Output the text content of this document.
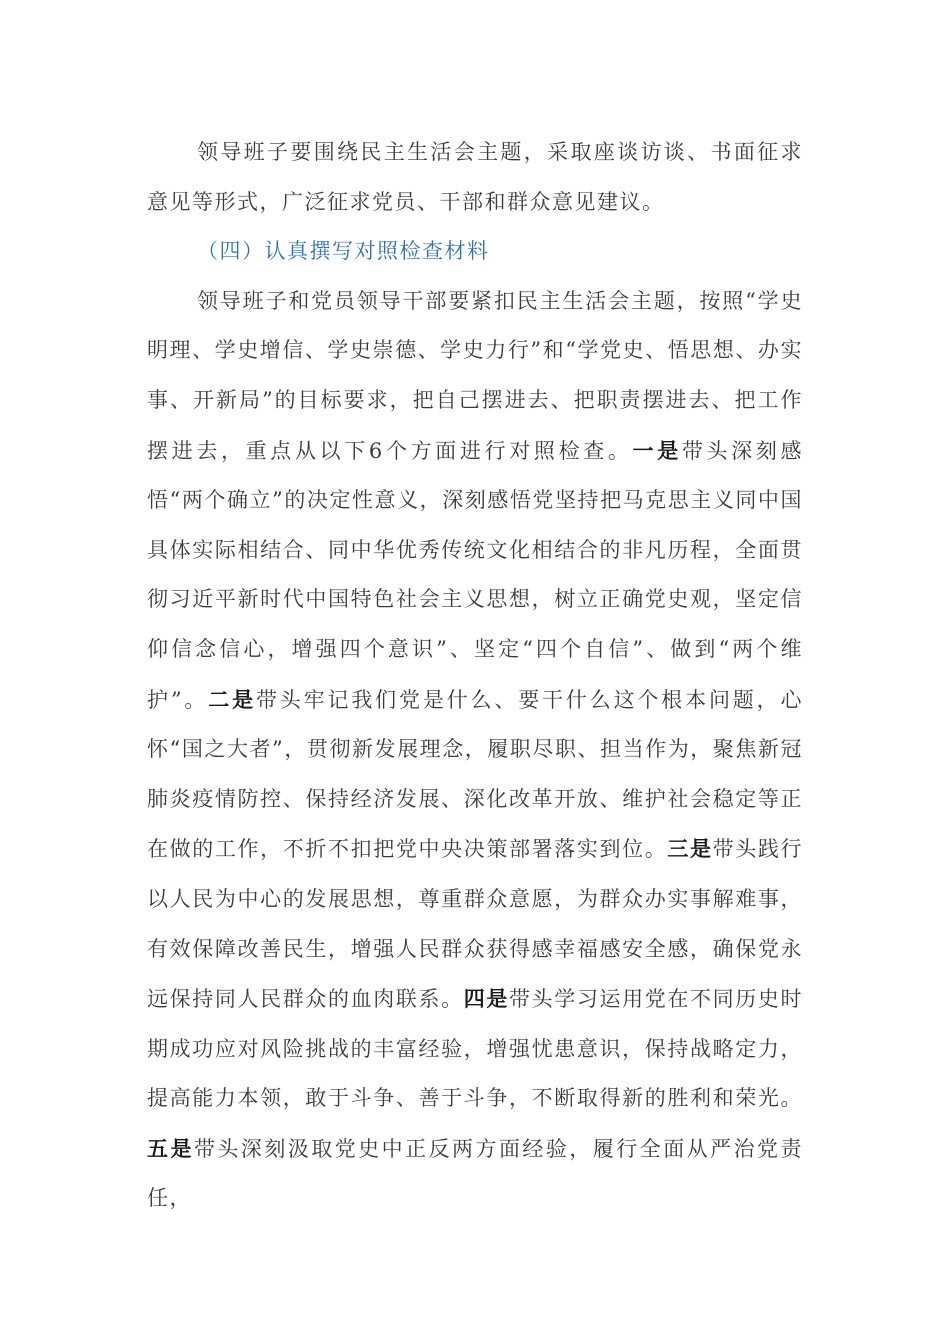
领导班子要围绕民主生活会主题，采取座谈访谈、书面征求意见等形式，广泛征求党员、干部和群众意见建议。

（四）认真撰写对照检查材料

领导班子和党员领导干部要紧扣民主生活会主题，按照“学史明理、学史增信、学史崇德、学史力行”和“学党史、悟思想、办实事、开新局”的目标要求，把自己摆进去、把职责摆进去、把工作摆进去，重点从以下6个方面进行对照检查。一是带头深刻感悟“两个确立”的决定性意义，深刻感悟党坚持把马克思主义同中国具体实际相结合、同中华优秀传统文化相结合的非凡历程，全面贯彻习近平新时代中国特色社会主义思想，树立正确党史观，坚定信仰信念信心，增强四个意识”、坚定“四个自信”、做到“两个维护”。二是带头牢记我们党是什么、要干什么这个根本问题，心怀“国之大者”，贯彻新发展理念，履职尽职、担当作为，聚焦新冠肺炎疫情防控、保持经济发展、深化改革开放、维护社会稳定等正在做的工作，不折不扣把党中央决策部署落实到位。三是带头践行以人民为中心的发展思想，尊重群众意愿，为群众办实事解难事，有效保障改善民生，增强人民群众获得感幸福感安全感，确保党永远保持同人民群众的血肉联系。四是带头学习运用党在不同历史时期成功应对风险挑战的丰富经验，增强忧患意识，保持战略定力，提高能力本领，敢于斗争、善于斗争，不断取得新的胜利和荣光。五是带头深刻汲取党史中正反两方面经验，履行全面从严治党责任，
